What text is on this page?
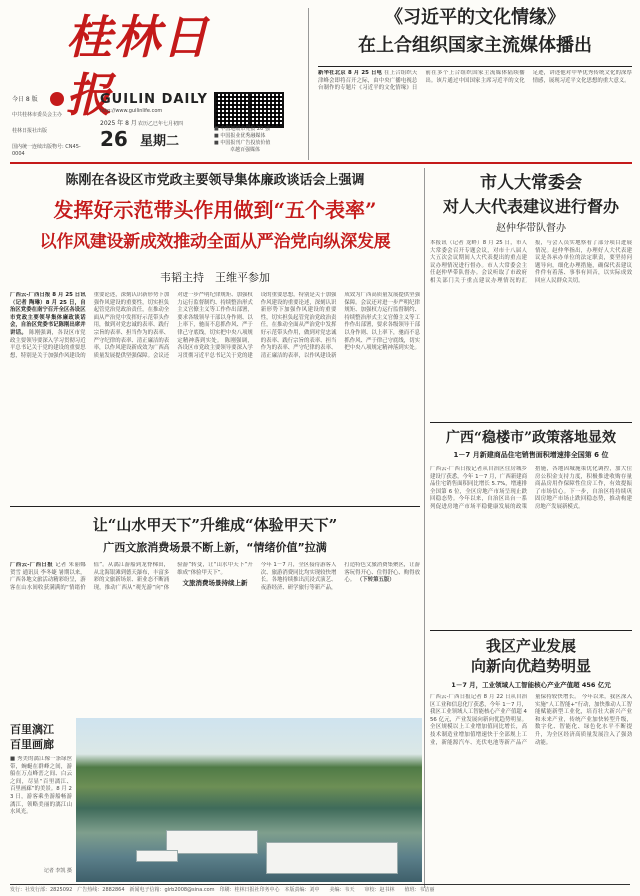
桂林日报
今日 8 版
中共桂林市委员会主办
桂林日报社出版
国内统一连续出版物号: CN45-0004
GUILIN DAILY
http://www.guilinlife.com
2025 年 8 月
26
农历乙巳年七月初四
星期二
■ 中国地级市党报 20 强
■ 中国报业优秀融媒体
■ 中国报刊广告投放价值
卓越百强媒体
《习近平的文化情缘》
在上合组织国家主流媒体播出
新华社北京 8 月 25 日电 在上合组织天津峰会即将召开之际，由中央广播电视总台制作的专题片《习近平的文化情缘》日前在多个上合组织国家主流媒体陆续播出。该片通过中国国家主席习近平的文化足迹，讲述他对中华优秀传统文化的深厚情感，展现习近平文化思想的重大意义。
陈刚在各设区市党政主要领导集体廉政谈话会上强调
发挥好示范带头作用做到“五个表率”
以作风建设新成效推动全面从严治党向纵深发展
韦韬主持　王维平参加
广西云-广西日报 8 月 25 日讯（记者 陶琳）8 月 25 日，自治区党委在南宁召开全区各设区市党政主要领导集体廉政谈话会，自治区党委书记陈刚出席并讲话。 陈刚强调，各设区市党政主要领导要深入学习贯彻习近平总书记关于党的建设的重要思想，特别是关于加强作风建设的重要论述，深刻认识新形势下加强作风建设的重要性，切实担负起管党治党政治责任，在推动全面从严治党中发挥好示范带头作用，做到对党忠诚的表率、践行宗旨的表率、担当作为的表率、严守纪律的表率、清正廉洁的表率，以作风建设新成效为广西高质量发展提供坚强保障。会议还对进一步严明纪律规矩、加强权力运行监督制约、持续整治形式主义官僚主义等工作作出部署，要求各级领导干部以身作则、以上率下，驰而不息抓作风、严于律己守底线，切实把中央八项规定精神落到实处。 陈刚强调，各设区市党政主要领导要深入学习贯彻习近平总书记关于党的建设的重要思想，特别是关于加强作风建设的重要论述，深刻认识新形势下加强作风建设的重要性，切实担负起管党治党政治责任，在推动全面从严治党中发挥好示范带头作用，做到对党忠诚的表率、践行宗旨的表率、担当作为的表率、严守纪律的表率、清正廉洁的表率，以作风建设新成效为广西高质量发展提供坚强保障。会议还对进一步严明纪律规矩、加强权力运行监督制约、持续整治形式主义官僚主义等工作作出部署，要求各级领导干部以身作则、以上率下，驰而不息抓作风、严于律己守底线，切实把中央八项规定精神落到实处。
市人大常委会
对人大代表建议进行督办
赵仲华带队督办
本报讯（记者 龙畔）8 月 25 日，市人大常委会召开专题会议，对市十八届人大五次会议期间人大代表提出的重点建议办理情况进行督办。市人大常委会主任赵仲华带队督办。会议听取了市政府相关部门关于重点建议办理情况的汇报，与会人员实地察看了部分项目进展情况。赵仲华指出，办理好人大代表建议是各承办单位的法定职责，要坚持问题导向，细化办理措施，确保代表建议件件有着落、事事有回音，以实际成效回应人民群众关切。
广西“稳楼市”政策落地显效
1－7 月新建商品住宅销售面积增速排全国第 6 位
广西云-广西日报记者从自治区住房城乡建设厅获悉，今年 1－7 月，广西新建商品住宅销售面积同比增长 5.7%，增速排全国第 6 位，全区房地产市场呈现止跌回稳态势。今年以来，自治区出台一系列促进房地产市场平稳健康发展的政策措施，各地因城施策优化调控，加大住房公积金支持力度，积极推进收购存量商品房用作保障性住房工作，有效提振了市场信心。下一步，自治区将持续巩固房地产市场止跌回稳态势，推动构建房地产发展新模式。
让“山水甲天下”升维成“体验甲天下”
广西文旅消费场景不断上新，“情绪价值”拉满
广西云-广西日报 记者 朱丽娜 贺雪 通讯员 李冬婕 暑期以来，广西各地文旅活动精彩纷呈，游客在山水间收获满满的“情绪价值”。从漓江游船到龙脊梯田，从北海银滩到德天瀑布，丰富多彩的文旅新场景、新业态不断涌现，推动广西从“观光游”向“体验游”转变，让“山水甲天下”升维成“体验甲天下”。
文旅消费场景持续上新
今年 1－7 月，全区接待游客人次、旅游消费同比均实现较快增长。各地持续推出沉浸式演艺、夜游经济、研学旅行等新产品，打造特色文旅消费集聚区，让游客玩得开心、住得舒心、购得放心。 （下转第五版）
百里漓江
百里画廊
■ 秀美的漓江像一条绿丝带，蜿蜒在群峰之间，游船在万点峰峦之间、白云之间，尽显“百里漓江、百里画廊”的美景。8 月 23 日，游客乘坐游船畅游漓江，领略美丽的漓江山水风光。
记者 李凯 摄
我区产业发展
向新向优趋势明显
1－7 月，工业领域人工智能核心产业产值超 456 亿元
广西云-广西日报记者 8 月 22 日从自治区工业和信息化厅获悉，今年 1－7 月，我区工业领域人工智能核心产业产值超 456 亿元，产业发展向新向优趋势明显。全区规模以上工业增加值同比增长，高技术制造业增加值增速快于全部规上工业，新能源汽车、光伏电池等新产品产量保持较快增长。 今年以来，我区深入实施“人工智能+”行动，加快推动人工智能赋能新型工业化，培育壮大新兴产业和未来产业，传统产业加快转型升级，数字化、智能化、绿色化水平不断提升，为全区经济高质量发展注入了强劲动能。
发行：社发行部：2825092　广告热线：2882864　新闻电子信箱：glrb2008@sina.com　印刷：桂林日报社印务中心　本版责编：刘中　　美编：韦天　　审校：赵书林　　值班：韦洁丽
